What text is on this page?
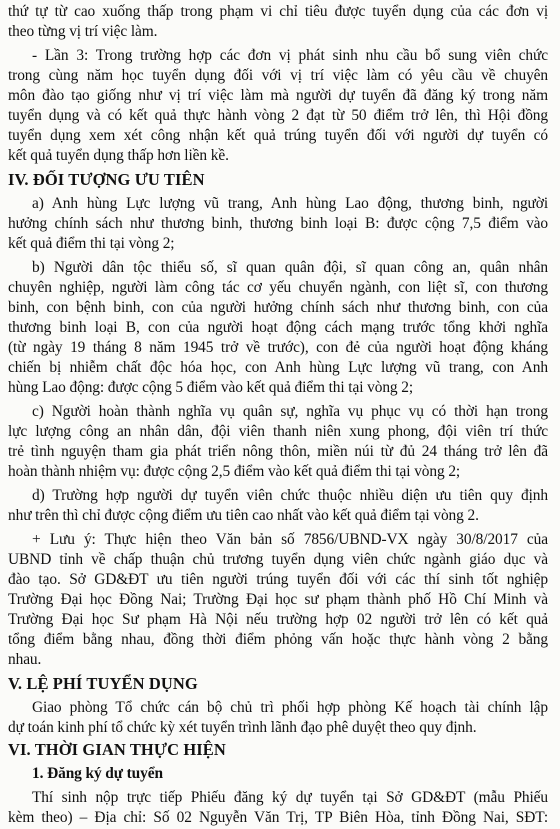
thứ tự từ cao xuống thấp trong phạm vi chỉ tiêu được tuyển dụng của các đơn vị
theo từng vị trí việc làm.
- Lần 3: Trong trường hợp các đơn vị phát sinh nhu cầu bổ sung viên chức
trong cùng năm học tuyển dụng đối với vị trí việc làm có yêu cầu về chuyên
môn đào tạo giống như vị trí việc làm mà người dự tuyển đã đăng ký trong năm
tuyển dụng và có kết quả thực hành vòng 2 đạt từ 50 điểm trở lên, thì Hội đồng
tuyển dụng xem xét công nhận kết quả trúng tuyển đối với người dự tuyển có
kết quả tuyển dụng thấp hơn liền kề.
IV. ĐỐI TƯỢNG ƯU TIÊN
a) Anh hùng Lực lượng vũ trang, Anh hùng Lao động, thương binh, người
hưởng chính sách như thương binh, thương binh loại B: được cộng 7,5 điểm vào
kết quả điểm thi tại vòng 2;
b) Người dân tộc thiểu số, sĩ quan quân đội, sĩ quan công an, quân nhân
chuyên nghiệp, người làm công tác cơ yếu chuyển ngành, con liệt sĩ, con thương
binh, con bệnh binh, con của người hưởng chính sách như thương binh, con của
thương binh loại B, con của người hoạt động cách mạng trước tổng khởi nghĩa
(từ ngày 19 tháng 8 năm 1945 trở về trước), con đẻ của người hoạt động kháng
chiến bị nhiễm chất độc hóa học, con Anh hùng Lực lượng vũ trang, con Anh
hùng Lao động: được cộng 5 điểm vào kết quả điểm thi tại vòng 2;
c) Người hoàn thành nghĩa vụ quân sự, nghĩa vụ phục vụ có thời hạn trong
lực lượng công an nhân dân, đội viên thanh niên xung phong, đội viên trí thức
trẻ tình nguyện tham gia phát triển nông thôn, miền núi từ đủ 24 tháng trở lên đã
hoàn thành nhiệm vụ: được cộng 2,5 điểm vào kết quả điểm thi tại vòng 2;
d) Trường hợp người dự tuyển viên chức thuộc nhiều diện ưu tiên quy định
như trên thì chỉ được cộng điểm ưu tiên cao nhất vào kết quả điểm tại vòng 2.
+ Lưu ý: Thực hiện theo Văn bản số 7856/UBND-VX ngày 30/8/2017 của
UBND tỉnh về chấp thuận chủ trương tuyển dụng viên chức ngành giáo dục và
đào tạo. Sở GD&ĐT ưu tiên người trúng tuyển đối với các thí sinh tốt nghiệp
Trường Đại học Đồng Nai; Trường Đại học sư phạm thành phố Hồ Chí Minh và
Trường Đại học Sư phạm Hà Nội nếu trường hợp 02 người trở lên có kết quả
tổng điểm bằng nhau, đồng thời điểm phỏng vấn hoặc thực hành vòng 2 bằng
nhau.
V. LỆ PHÍ TUYỂN DỤNG
Giao phòng Tổ chức cán bộ chủ trì phối hợp phòng Kế hoạch tài chính lập
dự toán kinh phí tổ chức kỳ xét tuyển trình lãnh đạo phê duyệt theo quy định.
VI. THỜI GIAN THỰC HIỆN
1. Đăng ký dự tuyển
Thí sinh nộp trực tiếp Phiếu đăng ký dự tuyển tại Sở GD&ĐT (mẫu Phiếu
kèm theo) – Địa chỉ: Số 02 Nguyễn Văn Trị, TP Biên Hòa, tỉnh Đồng Nai, SĐT:
